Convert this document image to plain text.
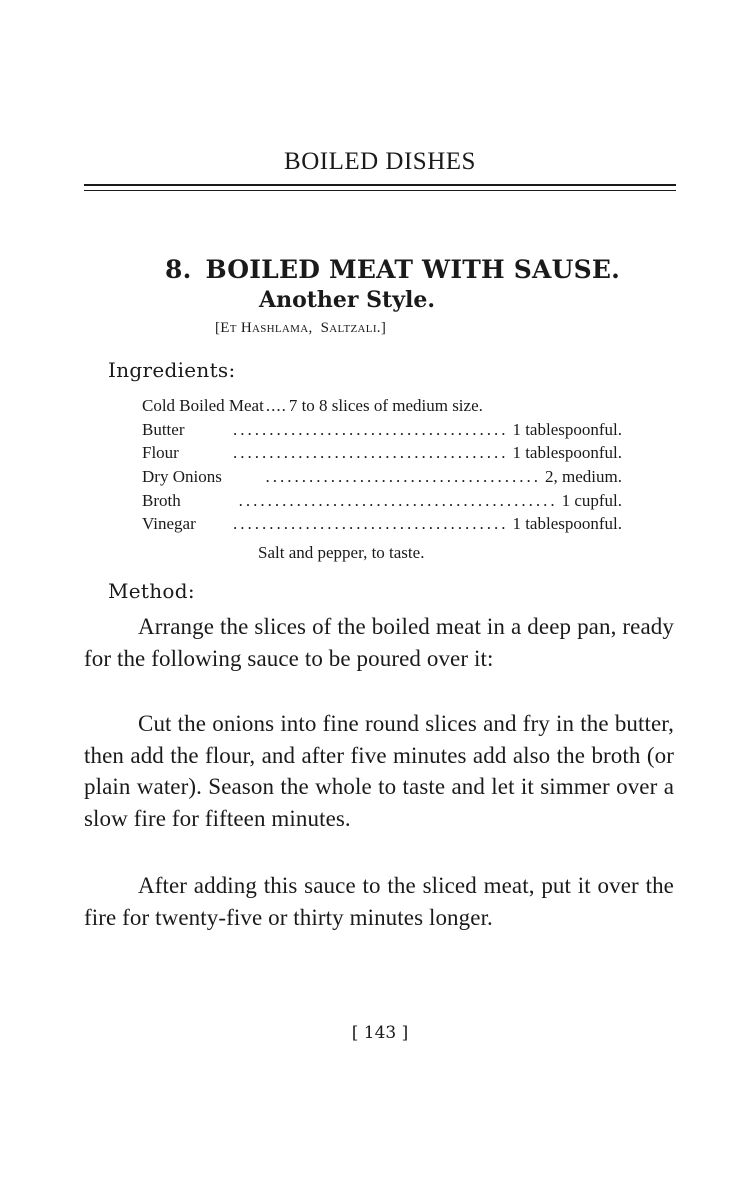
BOILED DISHES
8. BOILED MEAT WITH SAUSE.
Another Style.
[Et Hashlama, Saltzali.]
Ingredients:
Cold Boiled Meat .... 7 to 8 slices of medium size.
Butter	...................................... 1 tablespoonful.
Flour	...................................... 1 tablespoonful.
Dry Onions	...................................... 2, medium.
Broth	............................................ 1 cupful.
Vinegar	...................................... 1 tablespoonful.
Salt and pepper, to taste.
Method:
Arrange the slices of the boiled meat in a deep pan, ready for the following sauce to be poured over it:
Cut the onions into fine round slices and fry in the butter, then add the flour, and after five minutes add also the broth (or plain water). Season the whole to taste and let it simmer over a slow fire for fifteen minutes.
After adding this sauce to the sliced meat, put it over the fire for twenty-five or thirty minutes longer.
[ 143 ]
